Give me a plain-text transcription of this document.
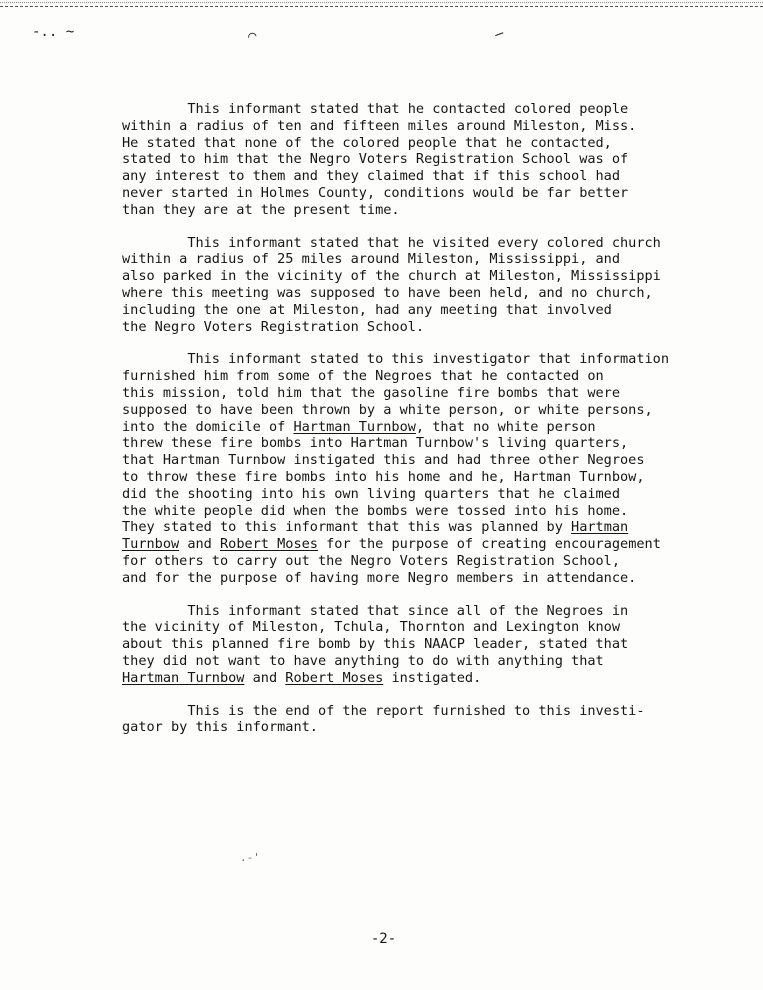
-.. ~	⌒	–
This informant stated that he contacted colored people
within a radius of ten and fifteen miles around Mileston, Miss.
He stated that none of the colored people that he contacted,
stated to him that the Negro Voters Registration School was of
any interest to them and they claimed that if this school had
never started in Holmes County, conditions would be far better
than they are at the present time.
This informant stated that he visited every colored church
within a radius of 25 miles around Mileston, Mississippi, and
also parked in the vicinity of the church at Mileston, Mississippi
where this meeting was supposed to have been held, and no church,
including the one at Mileston, had any meeting that involved
the Negro Voters Registration School.
This informant stated to this investigator that information
furnished him from some of the Negroes that he contacted on
this mission, told him that the gasoline fire bombs that were
supposed to have been thrown by a white person, or white persons,
into the domicile of Hartman Turnbow, that no white person
threw these fire bombs into Hartman Turnbow's living quarters,
that Hartman Turnbow instigated this and had three other Negroes
to throw these fire bombs into his home and he, Hartman Turnbow,
did the shooting into his own living quarters that he claimed
the white people did when the bombs were tossed into his home.
They stated to this informant that this was planned by Hartman
Turnbow and Robert Moses for the purpose of creating encouragement
for others to carry out the Negro Voters Registration School,
and for the purpose of having more Negro members in attendance.
This informant stated that since all of the Negroes in
the vicinity of Mileston, Tchula, Thornton and Lexington know
about this planned fire bomb by this NAACP leader, stated that
they did not want to have anything to do with anything that
Hartman Turnbow and Robert Moses instigated.
This is the end of the report furnished to this investi-
gator by this informant.
.-'
-2-
